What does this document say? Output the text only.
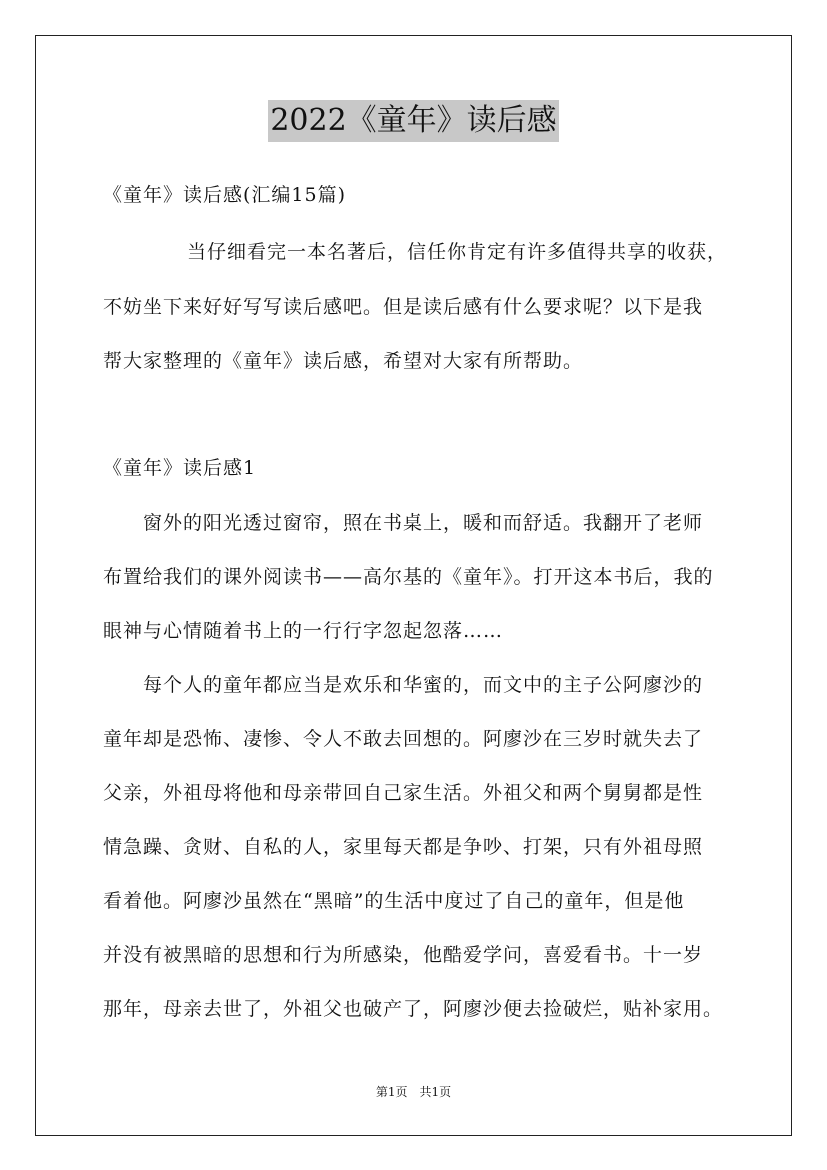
2022《童年》读后感
《童年》读后感(汇编15篇)
当仔细看完一本名著后，信任你肯定有许多值得共享的收获，
不妨坐下来好好写写读后感吧。但是读后感有什么要求呢？以下是我
帮大家整理的《童年》读后感，希望对大家有所帮助。
《童年》读后感1
窗外的阳光透过窗帘，照在书桌上，暖和而舒适。我翻开了老师
布置给我们的课外阅读书——高尔基的《童年》。打开这本书后，我的
眼神与心情随着书上的一行行字忽起忽落……
每个人的童年都应当是欢乐和华蜜的，而文中的主子公阿廖沙的
童年却是恐怖、凄惨、令人不敢去回想的。阿廖沙在三岁时就失去了
父亲，外祖母将他和母亲带回自己家生活。外祖父和两个舅舅都是性
情急躁、贪财、自私的人，家里每天都是争吵、打架，只有外祖母照
看着他。阿廖沙虽然在“黑暗”的生活中度过了自己的童年，但是他
并没有被黑暗的思想和行为所感染，他酷爱学问，喜爱看书。十一岁
那年，母亲去世了，外祖父也破产了，阿廖沙便去捡破烂，贴补家用。
第1页　共1页
